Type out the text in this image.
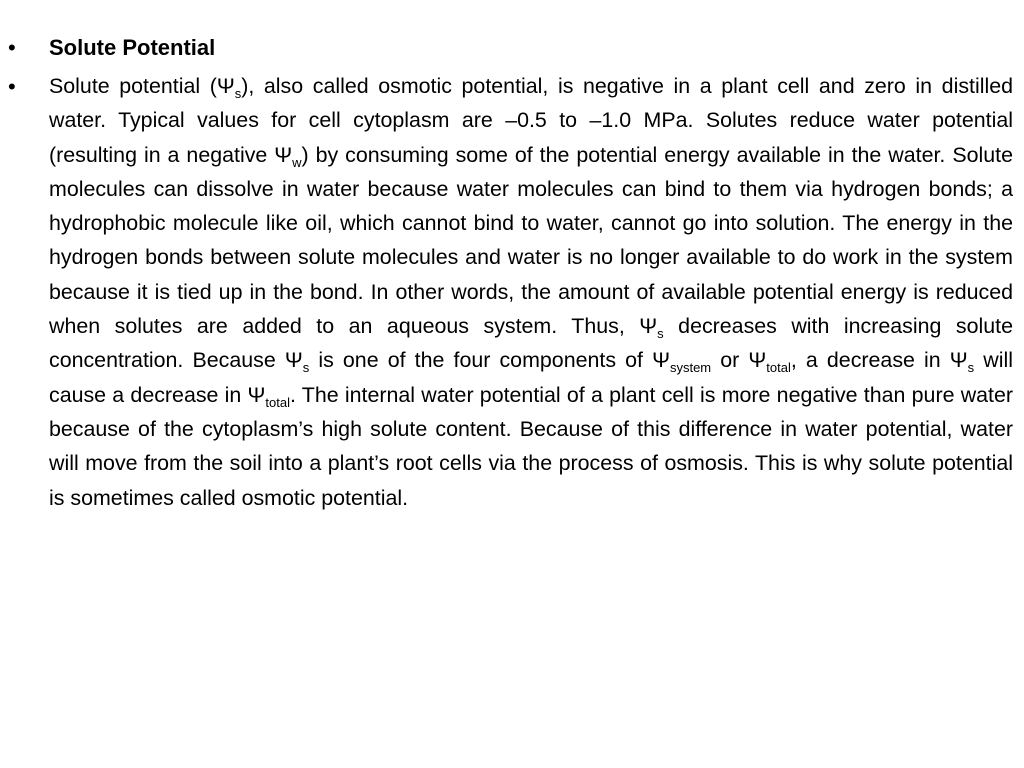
• Solute Potential
• Solute potential $(\Psi_s)$, also called osmotic potential, is negative in a plant cell and zero in distilled water. Typical values for cell cytoplasm are –0.5 to –1.0 MPa. Solutes reduce water potential (resulting in a negative $\Psi_w$) by consuming some of the potential energy available in the water. Solute molecules can dissolve in water because water molecules can bind to them via hydrogen bonds; a hydrophobic molecule like oil, which cannot bind to water, cannot go into solution. The energy in the hydrogen bonds between solute molecules and water is no longer available to do work in the system because it is tied up in the bond. In other words, the amount of available potential energy is reduced when solutes are added to an aqueous system. Thus, $\Psi_s$ decreases with increasing solute concentration. Because $\Psi_s$ is one of the four components of $\Psi_{system}$ or $\Psi_{total}$, a decrease in $\Psi_s$ will cause a decrease in $\Psi_{total}$. The internal water potential of a plant cell is more negative than pure water because of the cytoplasm’s high solute content. Because of this difference in water potential, water will move from the soil into a plant’s root cells via the process of osmosis. This is why solute potential is sometimes called osmotic potential.
